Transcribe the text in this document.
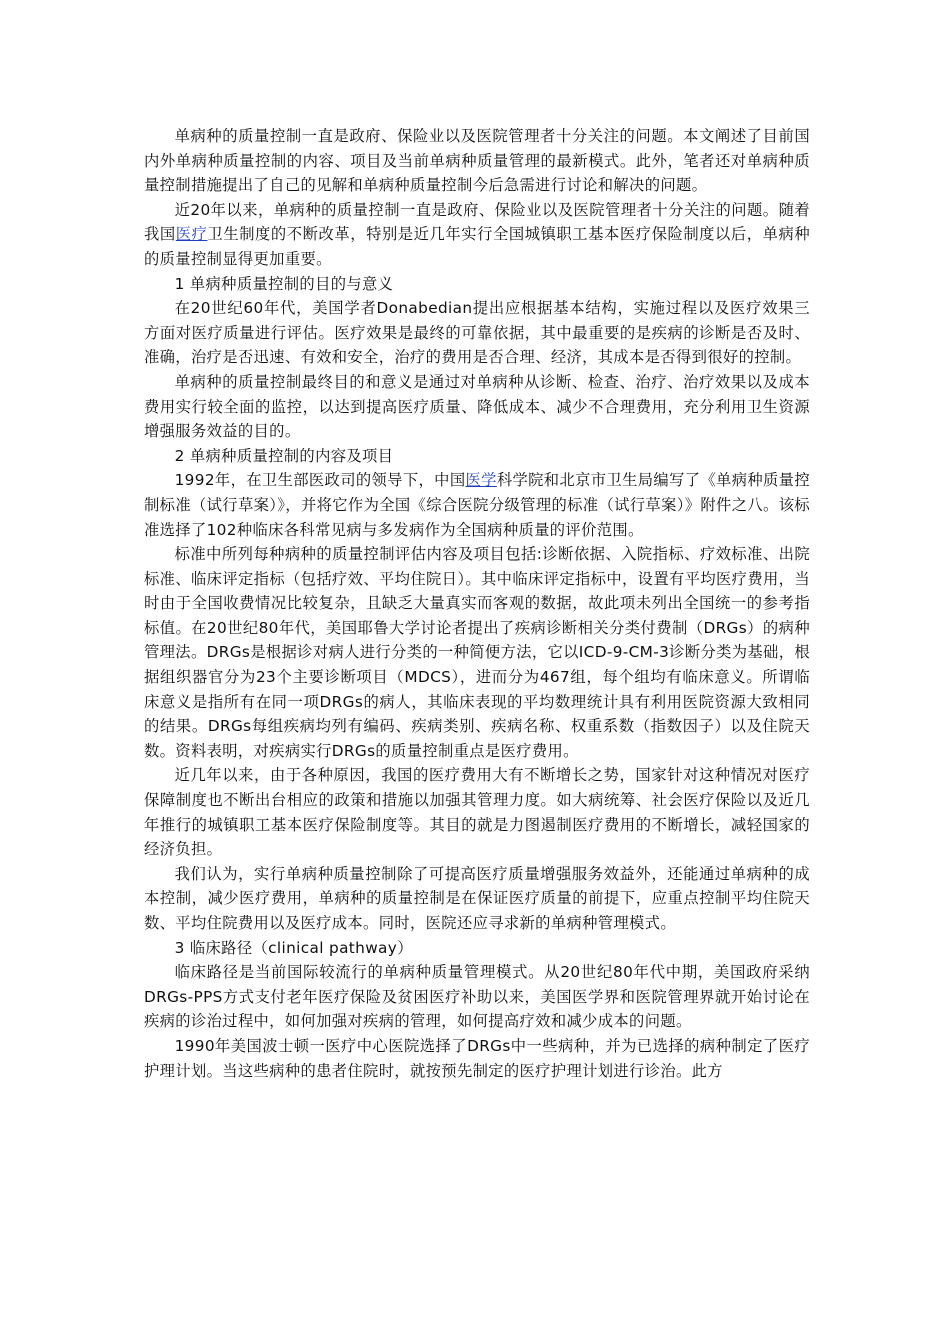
单病种的质量控制一直是政府、保险业以及医院管理者十分关注的问题。本文阐述了目前国内外单病种质量控制的内容、项目及当前单病种质量管理的最新模式。此外，笔者还对单病种质量控制措施提出了自己的见解和单病种质量控制今后急需进行讨论和解决的问题。

近20年以来，单病种的质量控制一直是政府、保险业以及医院管理者十分关注的问题。随着我国医疗卫生制度的不断改革，特别是近几年实行全国城镇职工基本医疗保险制度以后，单病种的质量控制显得更加重要。

1 单病种质量控制的目的与意义

在20世纪60年代，美国学者Donabedian提出应根据基本结构，实施过程以及医疗效果三方面对医疗质量进行评估。医疗效果是最终的可靠依据，其中最重要的是疾病的诊断是否及时、准确，治疗是否迅速、有效和安全，治疗的费用是否合理、经济，其成本是否得到很好的控制。

单病种的质量控制最终目的和意义是通过对单病种从诊断、检查、治疗、治疗效果以及成本费用实行较全面的监控，以达到提高医疗质量、降低成本、减少不合理费用，充分利用卫生资源增强服务效益的目的。

2 单病种质量控制的内容及项目

1992年，在卫生部医政司的领导下，中国医学科学院和北京市卫生局编写了《单病种质量控制标准（试行草案）》，并将它作为全国《综合医院分级管理的标准（试行草案）》附件之八。该标准选择了102种临床各科常见病与多发病作为全国病种质量的评价范围。

标准中所列每种病种的质量控制评估内容及项目包括:诊断依据、入院指标、疗效标准、出院标准、临床评定指标（包括疗效、平均住院日）。其中临床评定指标中，设置有平均医疗费用，当时由于全国收费情况比较复杂，且缺乏大量真实而客观的数据，故此项未列出全国统一的参考指标值。在20世纪80年代，美国耶鲁大学讨论者提出了疾病诊断相关分类付费制（DRGs）的病种管理法。DRGs是根据诊对病人进行分类的一种简便方法，它以ICD-9-CM-3诊断分类为基础，根据组织器官分为23个主要诊断项目（MDCS），进而分为467组，每个组均有临床意义。所谓临床意义是指所有在同一项DRGs的病人，其临床表现的平均数理统计具有利用医院资源大致相同的结果。DRGs每组疾病均列有编码、疾病类别、疾病名称、权重系数（指数因子）以及住院天数。资料表明，对疾病实行DRGs的质量控制重点是医疗费用。

近几年以来，由于各种原因，我国的医疗费用大有不断增长之势，国家针对这种情况对医疗保障制度也不断出台相应的政策和措施以加强其管理力度。如大病统筹、社会医疗保险以及近几年推行的城镇职工基本医疗保险制度等。其目的就是力图遏制医疗费用的不断增长，减轻国家的经济负担。

我们认为，实行单病种质量控制除了可提高医疗质量增强服务效益外，还能通过单病种的成本控制，减少医疗费用，单病种的质量控制是在保证医疗质量的前提下，应重点控制平均住院天数、平均住院费用以及医疗成本。同时，医院还应寻求新的单病种管理模式。

3 临床路径（clinical pathway）

临床路径是当前国际较流行的单病种质量管理模式。从20世纪80年代中期，美国政府采纳DRGs-PPS方式支付老年医疗保险及贫困医疗补助以来，美国医学界和医院管理界就开始讨论在疾病的诊治过程中，如何加强对疾病的管理，如何提高疗效和减少成本的问题。

1990年美国波士顿一医疗中心医院选择了DRGs中一些病种，并为已选择的病种制定了医疗护理计划。当这些病种的患者住院时，就按预先制定的医疗护理计划进行诊治。此方
